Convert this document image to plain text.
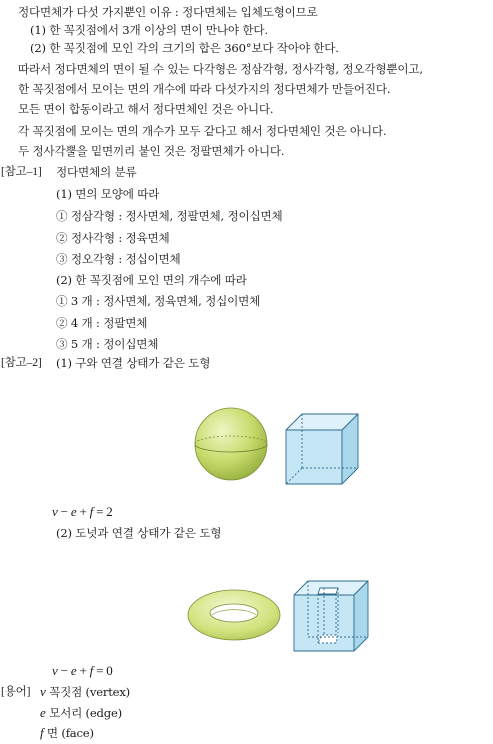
정다면체가 다섯 가지뿐인 이유 : 정다면체는 입체도형이므로
(1) 한 꼭짓점에서 3개 이상의 면이 만나야 한다.
(2) 한 꼭짓점에 모인 각의 크기의 합은 360°보다 작아야 한다.
따라서 정다면체의 면이 될 수 있는 다각형은 정삼각형, 정사각형, 정오각형뿐이고,
한 꼭짓점에서 모이는 면의 개수에 따라 다섯가지의 정다면체가 만들어진다.
모든 면이 합동이라고 해서 정다면체인 것은 아니다.
각 꼭짓점에 모이는 면의 개수가 모두 같다고 해서 정다면체인 것은 아니다.
두 정사각뿔을 밑면끼리 붙인 것은 정팔면체가 아니다.
[참고–1] 정다면체의 분류
(1) 면의 모양에 따라
① 정삼각형 : 정사면체, 정팔면체, 정이십면체
② 정사각형 : 정육면체
③ 정오각형 : 정십이면체
(2) 한 꼭짓점에 모인 면의 개수에 따라
① 3 개 : 정사면체, 정육면체, 정십이면체
② 4 개 : 정팔면체
③ 5 개 : 정이십면체
[참고–2] (1) 구와 연결 상태가 같은 도형
v − e + f = 2
(2) 도넛과 연결 상태가 같은 도형
v − e + f = 0
[용어] v 꼭짓점 (vertex)
e 모서리 (edge)
f 면 (face)
